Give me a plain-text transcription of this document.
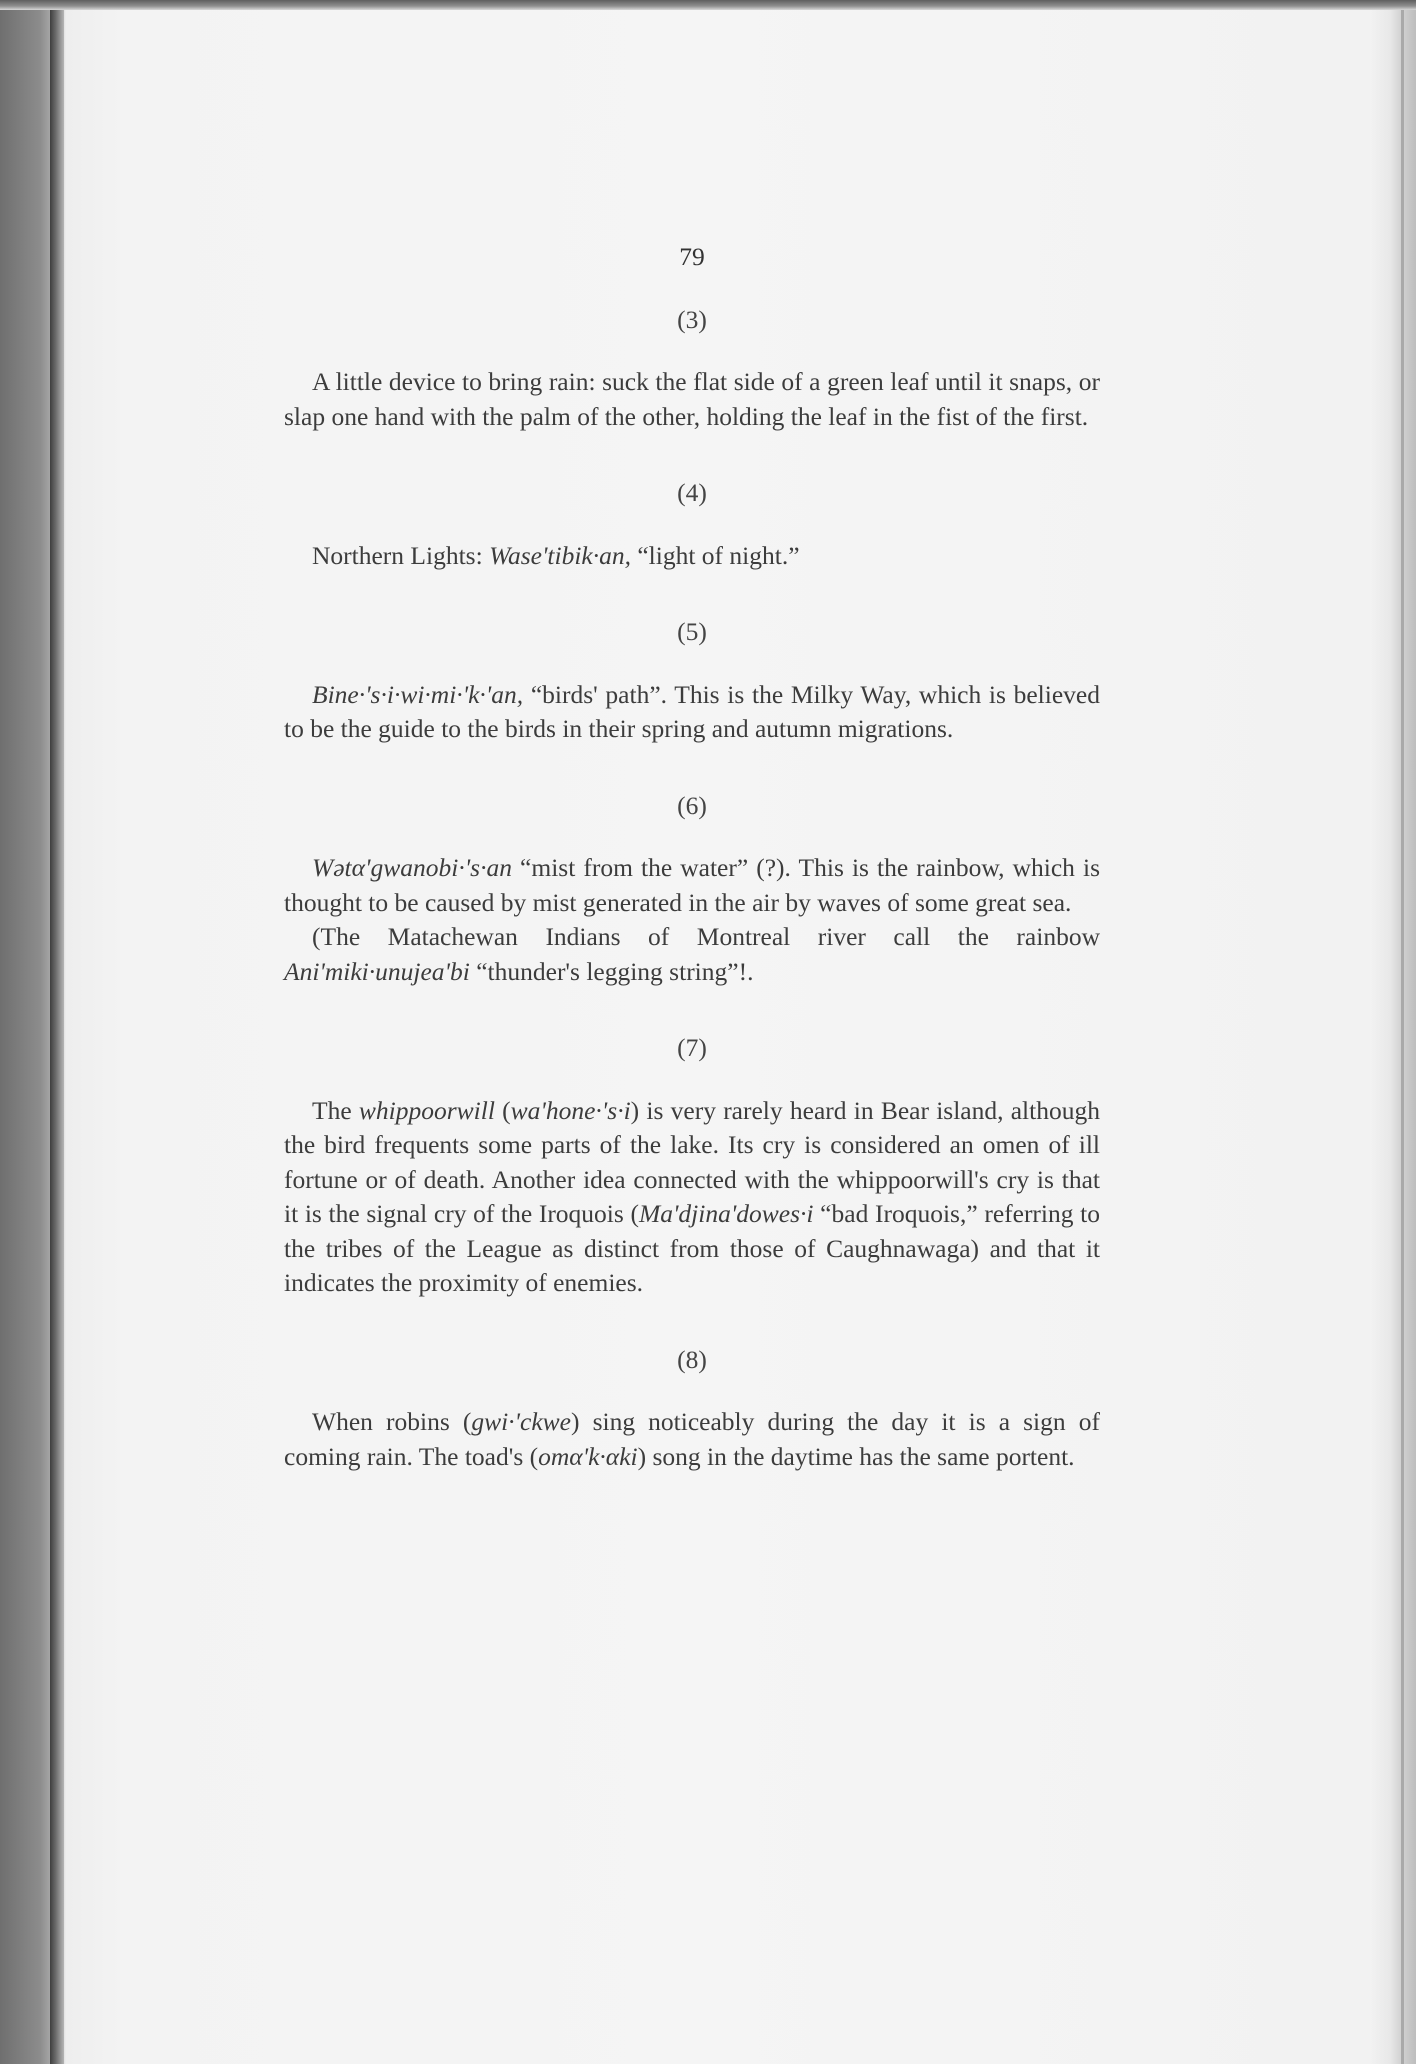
79
(3)

A little device to bring rain: suck the flat side of a green leaf until it snaps, or slap one hand with the palm of the other, holding the leaf in the fist of the first.

(4)

Northern Lights: Wase'tibik·an, “light of night.”

(5)

Bine·'s·i·wi·mi·'k·'an, “birds' path”. This is the Milky Way, which is believed to be the guide to the birds in their spring and autumn migrations.

(6)

Wətα'gwanobi·'s·an “mist from the water” (?). This is the rainbow, which is thought to be caused by mist generated in the air by waves of some great sea.

(The Matachewan Indians of Montreal river call the rainbow Ani'miki·unujea'bi “thunder's legging string”!.

(7)

The whippoorwill (wa'hone·'s·i) is very rarely heard in Bear island, although the bird frequents some parts of the lake. Its cry is considered an omen of ill fortune or of death. Another idea connected with the whippoorwill's cry is that it is the signal cry of the Iroquois (Ma'djina'dowes·i “bad Iroquois,” referring to the tribes of the League as distinct from those of Caughnawaga) and that it indicates the proximity of enemies.

(8)

When robins (gwi·'ckwe) sing noticeably during the day it is a sign of coming rain. The toad's (omα'k·αki) song in the daytime has the same portent.
